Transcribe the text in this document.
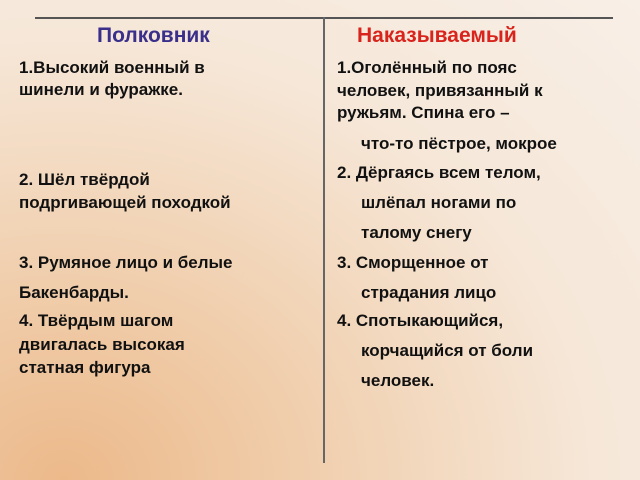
Полковник	Наказываемый
1.Высокий военный в
шинели и фуражке.
2. Шёл твёрдой
подргивающей походкой
3. Румяное лицо и белые
Бакенбарды.
4. Твёрдым шагом
двигалась высокая
статная фигура
1.Оголённый по пояс
человек, привязанный к
ружьям. Спина его –
что-то пёстрое, мокрое
2. Дёргаясь всем телом,
шлёпал ногами по
талому снегу
3. Сморщенное от
страдания лицо
4. Спотыкающийся,
корчащийся от боли
человек.
